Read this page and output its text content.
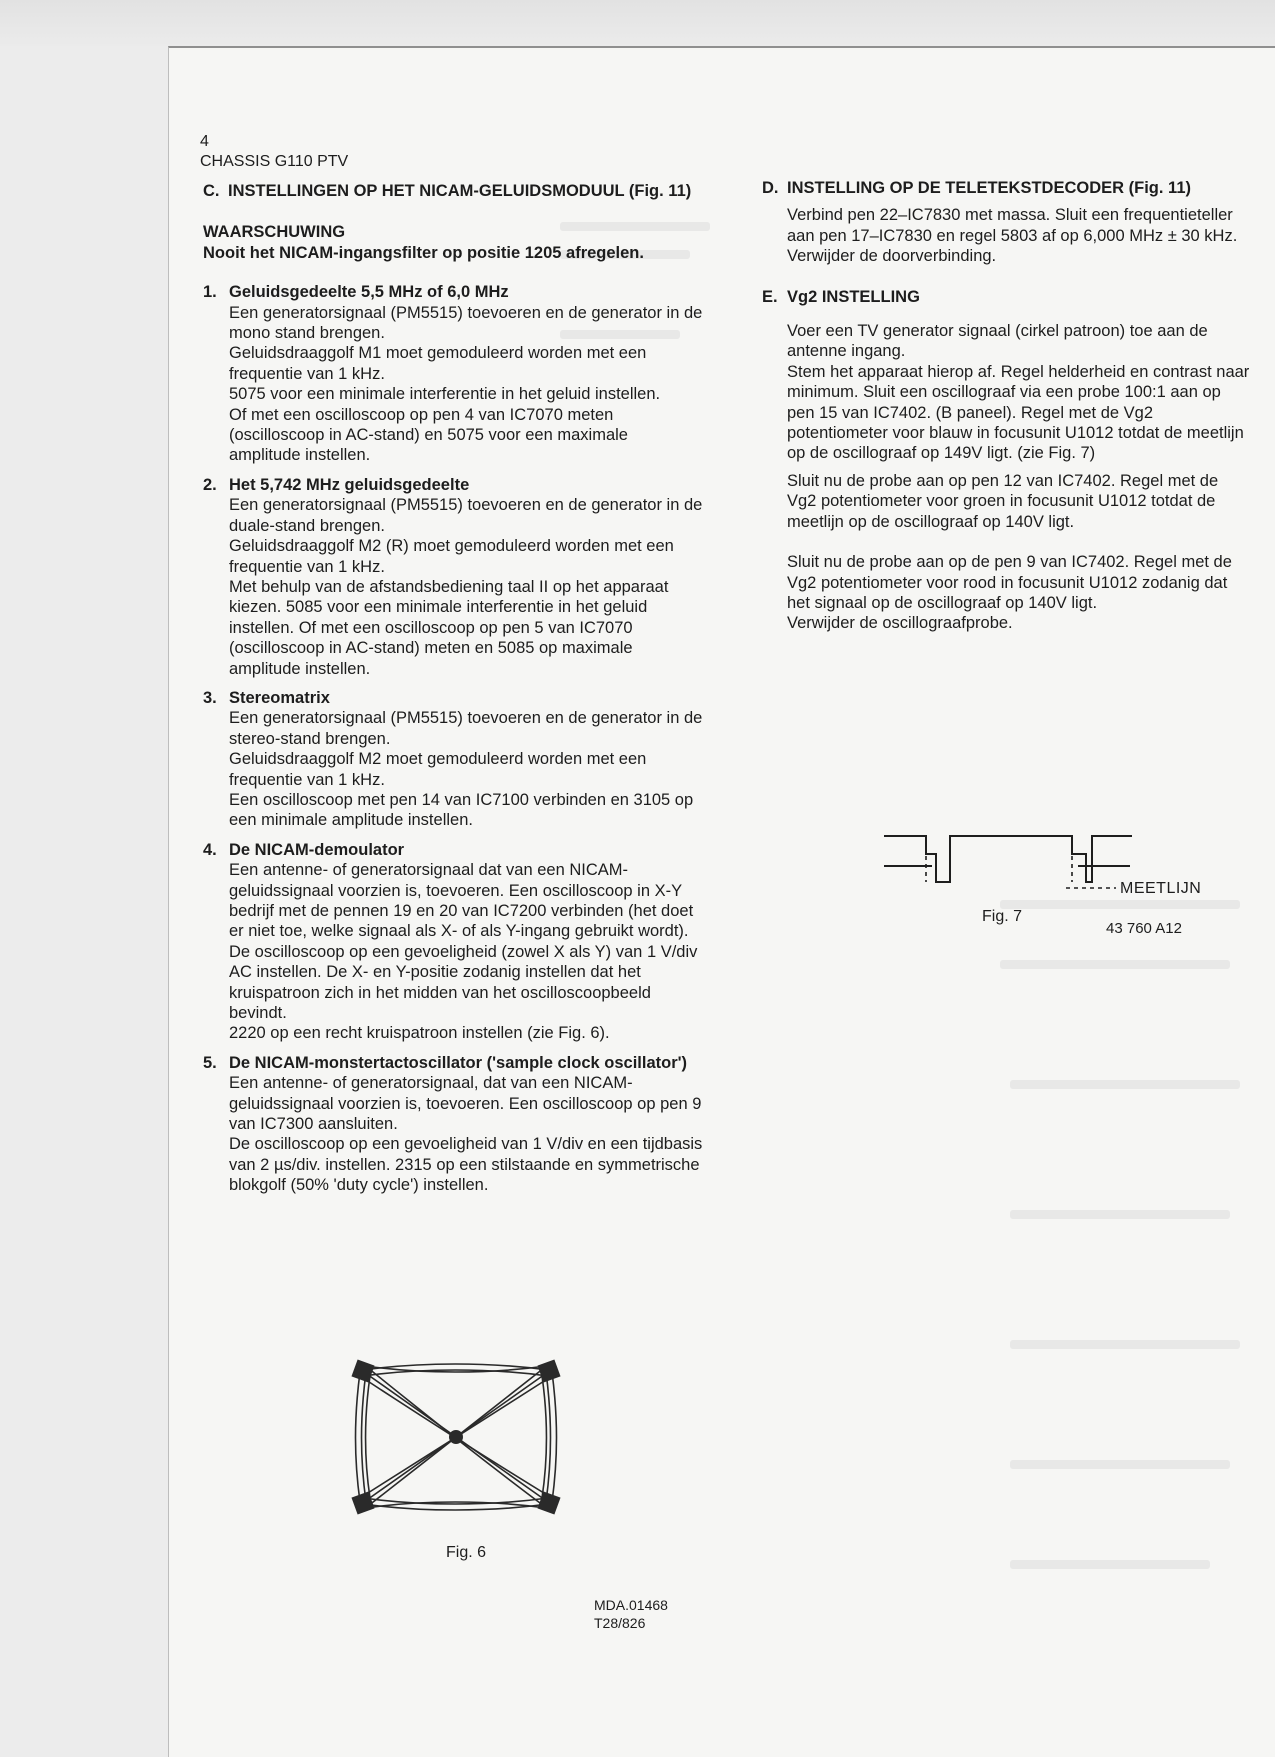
4

CHASSIS G110 PTV

C. INSTELLINGEN OP HET NICAM-GELUIDSMODUUL (Fig. 11)

WAARSCHUWING

Nooit het NICAM-ingangsfilter op positie 1205 afregelen.

1. Geluidsgedeelte 5,5 MHz of 6,0 MHz

Een generatorsignaal (PM5515) toevoeren en de generator in de mono stand brengen.

Geluidsdraaggolf M1 moet gemoduleerd worden met een frequentie van 1 kHz.

5075 voor een minimale interferentie in het geluid instellen.

Of met een oscilloscoop op pen 4 van IC7070 meten (oscilloscoop in AC-stand) en 5075 voor een maximale amplitude instellen.

2. Het 5,742 MHz geluidsgedeelte

Een generatorsignaal (PM5515) toevoeren en de generator in de duale-stand brengen.

Geluidsdraaggolf M2 (R) moet gemoduleerd worden met een frequentie van 1 kHz.

Met behulp van de afstandsbediening taal II op het apparaat kiezen. 5085 voor een minimale interferentie in het geluid instellen. Of met een oscilloscoop op pen 5 van IC7070 (oscilloscoop in AC-stand) meten en 5085 op maximale amplitude instellen.

3. Stereomatrix

Een generatorsignaal (PM5515) toevoeren en de generator in de stereo-stand brengen.

Geluidsdraaggolf M2 moet gemoduleerd worden met een frequentie van 1 kHz.

Een oscilloscoop met pen 14 van IC7100 verbinden en 3105 op een minimale amplitude instellen.

4. De NICAM-demoulator

Een antenne- of generatorsignaal dat van een NICAM-geluidssignaal voorzien is, toevoeren. Een oscilloscoop in X-Y bedrijf met de pennen 19 en 20 van IC7200 verbinden (het doet er niet toe, welke signaal als X- of als Y-ingang gebruikt wordt). De oscilloscoop op een gevoeligheid (zowel X als Y) van 1 V/div AC instellen. De X- en Y-positie zodanig instellen dat het kruispatroon zich in het midden van het oscilloscoopbeeld bevindt.

2220 op een recht kruispatroon instellen (zie Fig. 6).

5. De NICAM-monstertactoscillator ('sample clock oscillator')

Een antenne- of generatorsignaal, dat van een NICAM-geluidssignaal voorzien is, toevoeren. Een oscilloscoop op pen 9 van IC7300 aansluiten.

De oscilloscoop op een gevoeligheid van 1 V/div en een tijdbasis van 2 µs/div. instellen. 2315 op een stilstaande en symmetrische blokgolf (50% 'duty cycle') instellen.

Fig. 6

MDA.01468

T28/826

D. INSTELLING OP DE TELETEKSTDECODER (Fig. 11)

Verbind pen 22–IC7830 met massa. Sluit een frequentieteller aan pen 17–IC7830 en regel 5803 af op 6,000 MHz ± 30 kHz.

Verwijder de doorverbinding.

E. Vg2 INSTELLING

Voer een TV generator signaal (cirkel patroon) toe aan de antenne ingang.

Stem het apparaat hierop af. Regel helderheid en contrast naar minimum. Sluit een oscillograaf via een probe 100:1 aan op pen 15 van IC7402. (B paneel). Regel met de Vg2 potentiometer voor blauw in focusunit U1012 totdat de meetlijn op de oscillograaf op 149V ligt. (zie Fig. 7)

Sluit nu de probe aan op pen 12 van IC7402. Regel met de Vg2 potentiometer voor groen in focusunit U1012 totdat de meetlijn op de oscillograaf op 140V ligt.

Sluit nu de probe aan op de pen 9 van IC7402. Regel met de Vg2 potentiometer voor rood in focusunit U1012 zodanig dat het signaal op de oscillograaf op 140V ligt.

Verwijder de oscillograafprobe.

MEETLIJN

Fig. 7

43 760 A12
